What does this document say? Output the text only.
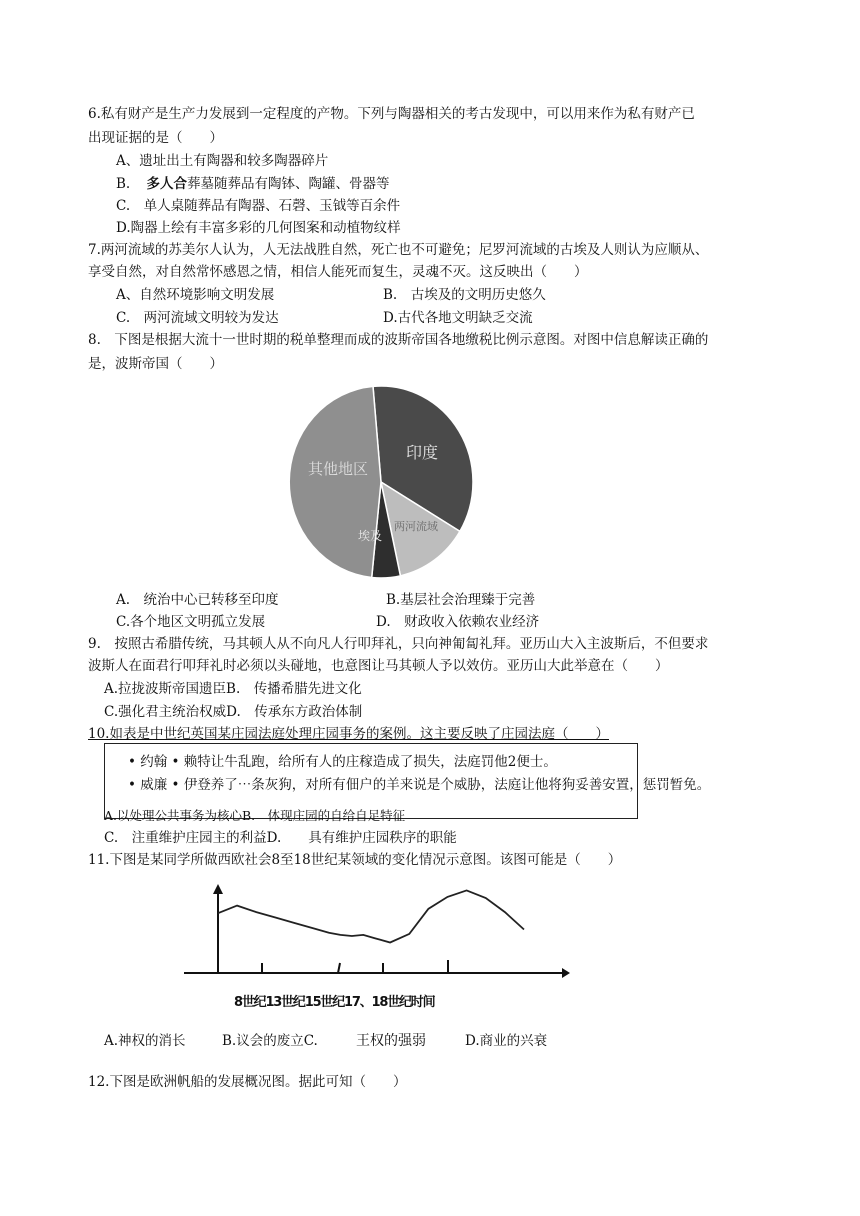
6.私有财产是生产力发展到一定程度的产物。下列与陶器相关的考古发现中，可以用来作为私有财产已
出现证据的是（　　）
A、遗址出土有陶器和较多陶器碎片
B. 多人合葬墓随葬品有陶钵、陶罐、骨器等
C.　单人桌随葬品有陶器、石磬、玉钺等百余件
D.陶器上绘有丰富多彩的几何图案和动植物纹样
7.两河流域的苏美尔人认为，人无法战胜自然，死亡也不可避免；尼罗河流域的古埃及人则认为应顺从、
享受自然，对自然常怀感恩之情，相信人能死而复生，灵魂不灭。这反映出（　　）
A、自然环境影响文明发展	B.　古埃及的文明历史悠久
C.　两河流域文明较为发达	D.古代各地文明缺乏交流
8.　下图是根据大流十一世时期的税单整理而成的波斯帝国各地缴税比例示意图。对图中信息解读正确的
是，波斯帝国（　　）
印度
两河流域
埃及
其他地区
A.　统治中心已转移至印度	B.基层社会治理臻于完善
C.各个地区文明孤立发展	D.　财政收入依赖农业经济
9.　按照古希腊传统，马其顿人从不向凡人行叩拜礼，只向神匍匐礼拜。亚历山大入主波斯后，不但要求
波斯人在面君行叩拜礼时必须以头碰地，也意图让马其顿人予以效仿。亚历山大此举意在（　　）
A.拉拢波斯帝国遗臣B.　传播希腊先进文化
C.强化君主统治权威D.　传承东方政治体制
10.如表是中世纪英国某庄园法庭处理庄园事务的案例。这主要反映了庄园法庭（　　）
• 约翰 • 赖特让牛乱跑，给所有人的庄稼造成了损失，法庭罚他2便士。
• 威廉 • 伊登养了⋯条灰狗，对所有佃户的羊来说是个威胁，法庭让他将狗妥善安置，惩罚暂免。
A.以处理公共事务为核心B.　体现庄园的自给自足特征
C.　注重维护庄园主的利益D.　　具有维护庄园秩序的职能
11.下图是某同学所做西欧社会8至18世纪某领域的变化情况示意图。该图可能是（　　）
8世纪13世纪15世纪17、18世纪时间
A.神权的消长	B.议会的废立C.	王权的强弱	D.商业的兴衰
12.下图是欧洲帆船的发展概况图。据此可知（　　）
